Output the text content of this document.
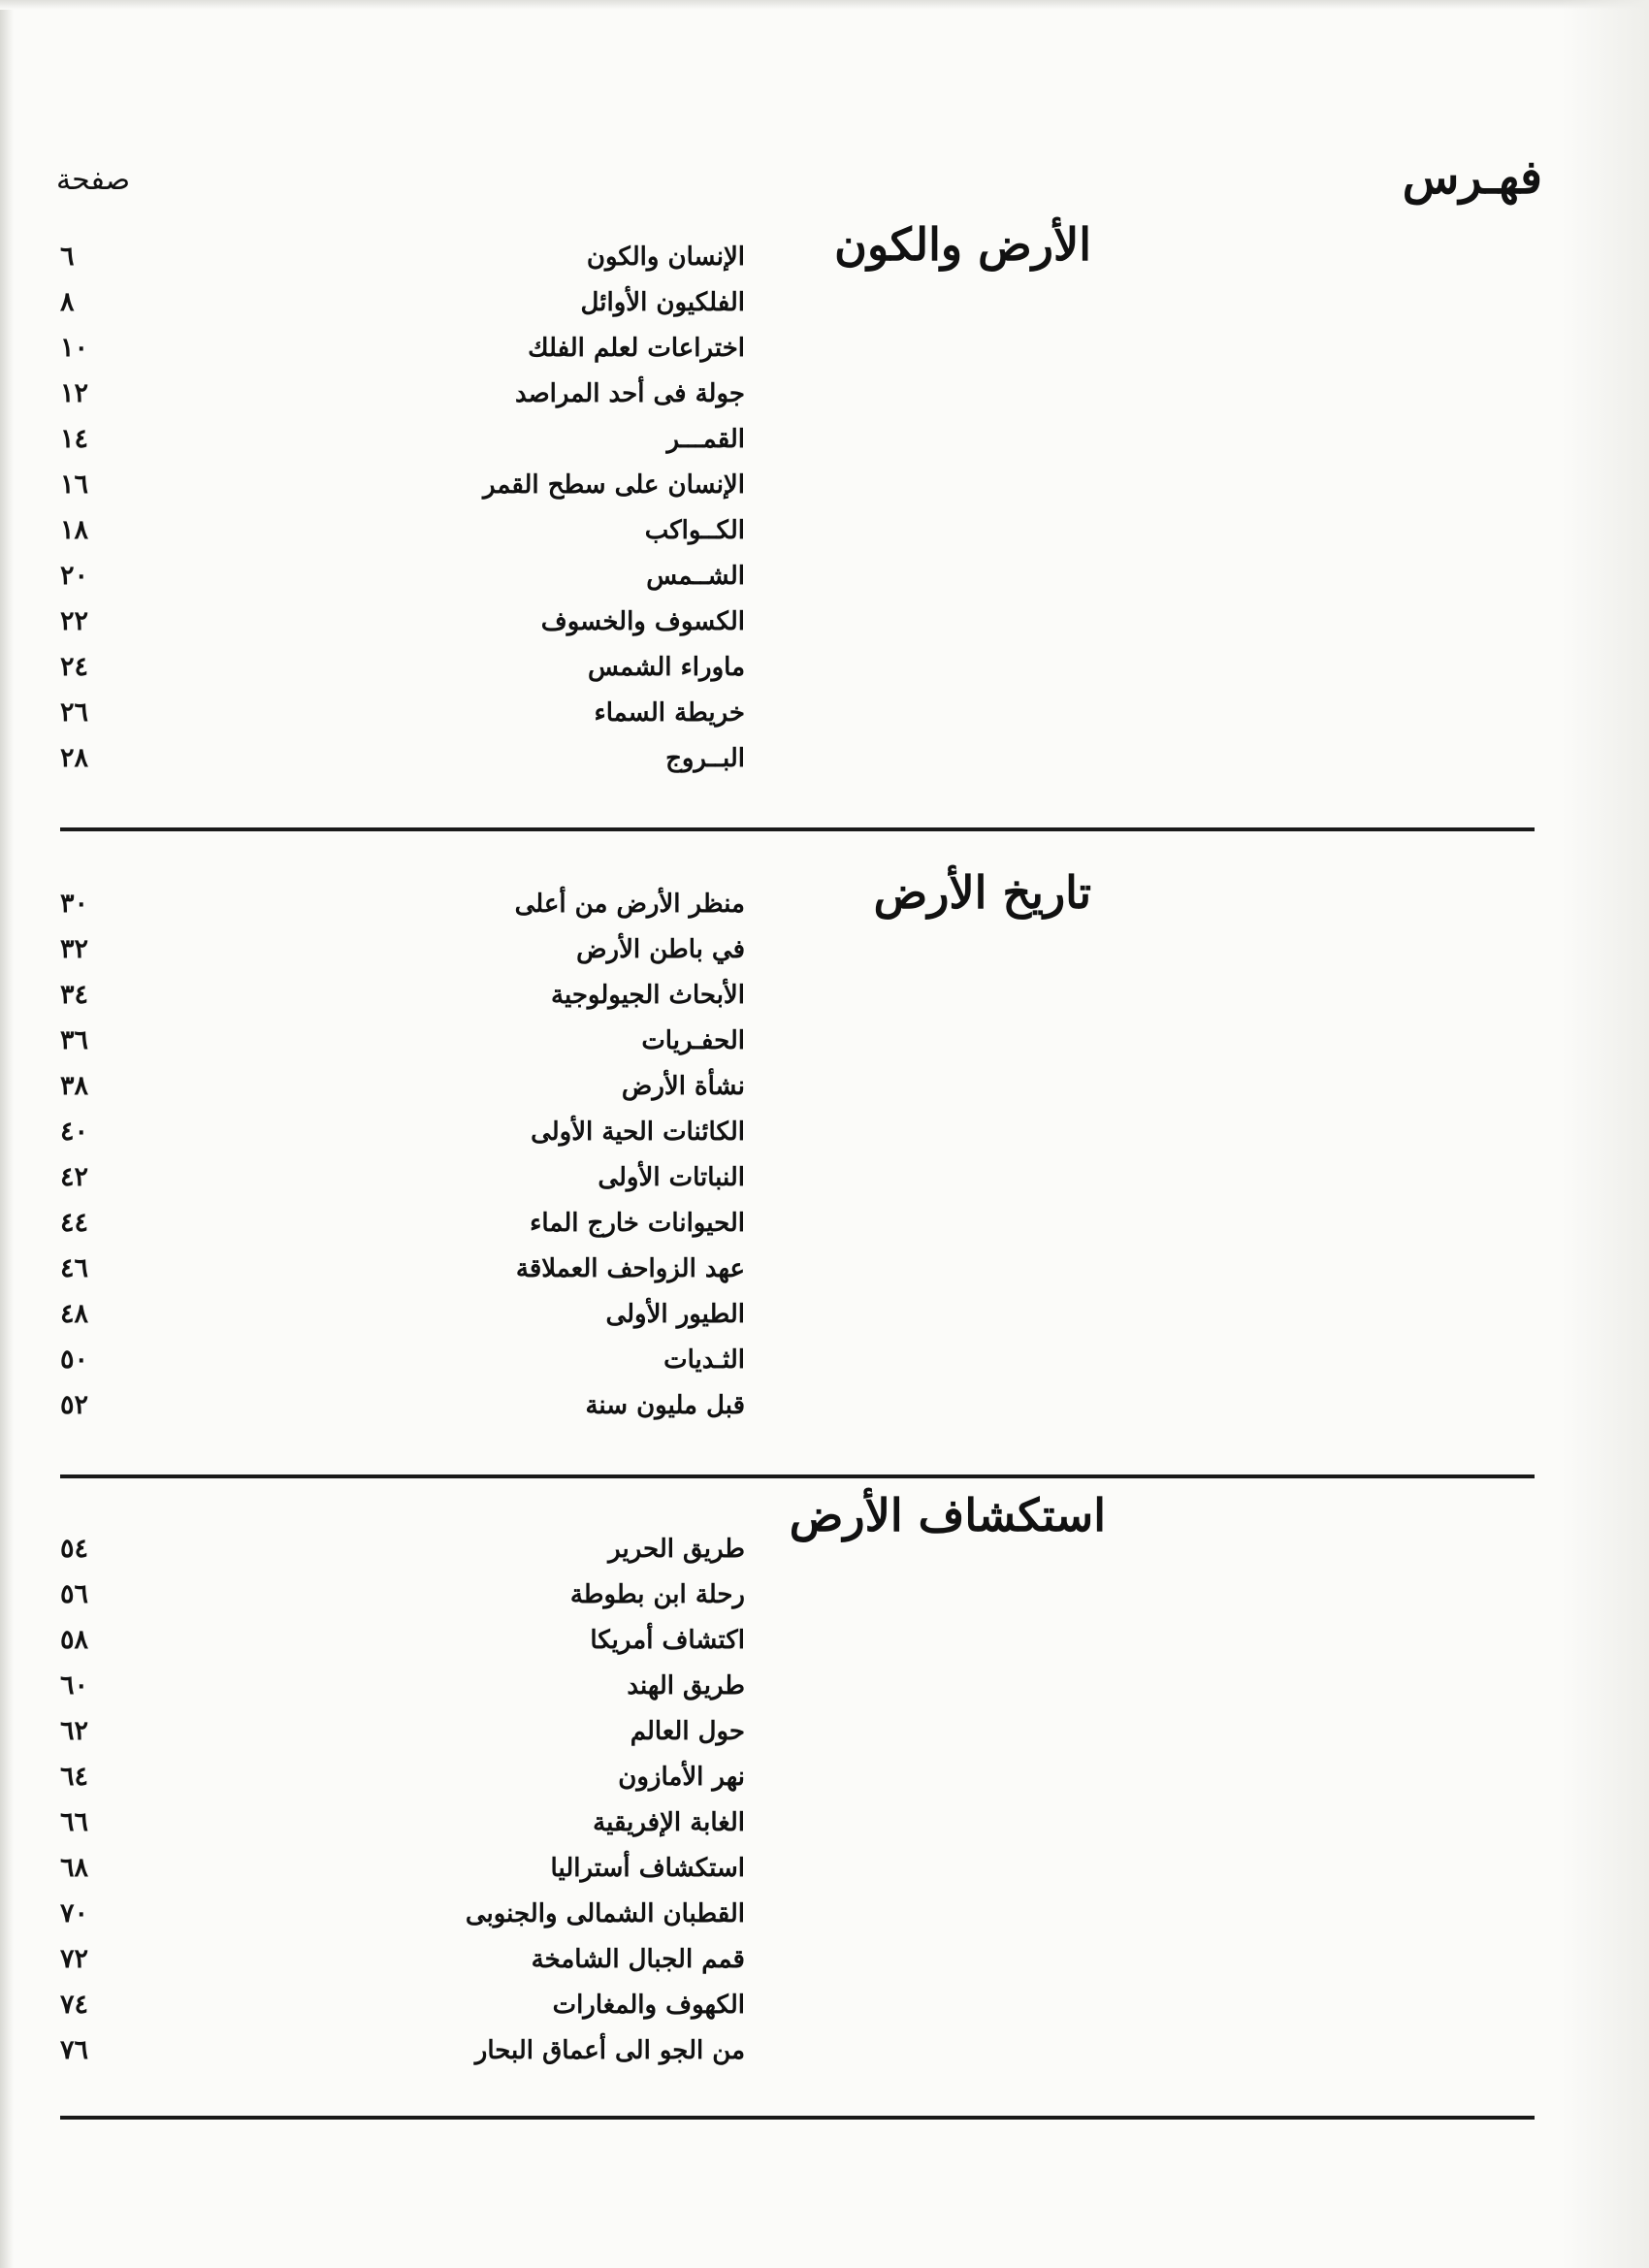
فهـرس
صفحة
الأرض والكون
الإنسان والكون
٦
الفلكيون الأوائل
٨
اختراعات لعلم الفلك
١٠
جولة فى أحد المراصد
١٢
القمـــر
١٤
الإنسان على سطح القمر
١٦
الكــواكب
١٨
الشــمس
٢٠
الكسوف والخسوف
٢٢
ماوراء الشمس
٢٤
خريطة السماء
٢٦
البــروج
٢٨
تاريخ الأرض
منظر الأرض من أعلى
٣٠
في باطن الأرض
٣٢
الأبحاث الجيولوجية
٣٤
الحفـريات
٣٦
نشأة الأرض
٣٨
الكائنات الحية الأولى
٤٠
النباتات الأولى
٤٢
الحيوانات خارج الماء
٤٤
عهد الزواحف العملاقة
٤٦
الطيور الأولى
٤٨
الثـديات
٥٠
قبل مليون سنة
٥٢
استكشاف الأرض
طريق الحرير
٥٤
رحلة ابن بطوطة
٥٦
اكتشاف أمريكا
٥٨
طريق الهند
٦٠
حول العالم
٦٢
نهر الأمازون
٦٤
الغابة الإفريقية
٦٦
استكشاف أستراليا
٦٨
القطبان الشمالى والجنوبى
٧٠
قمم الجبال الشامخة
٧٢
الكهوف والمغارات
٧٤
من الجو الى أعماق البحار
٧٦
